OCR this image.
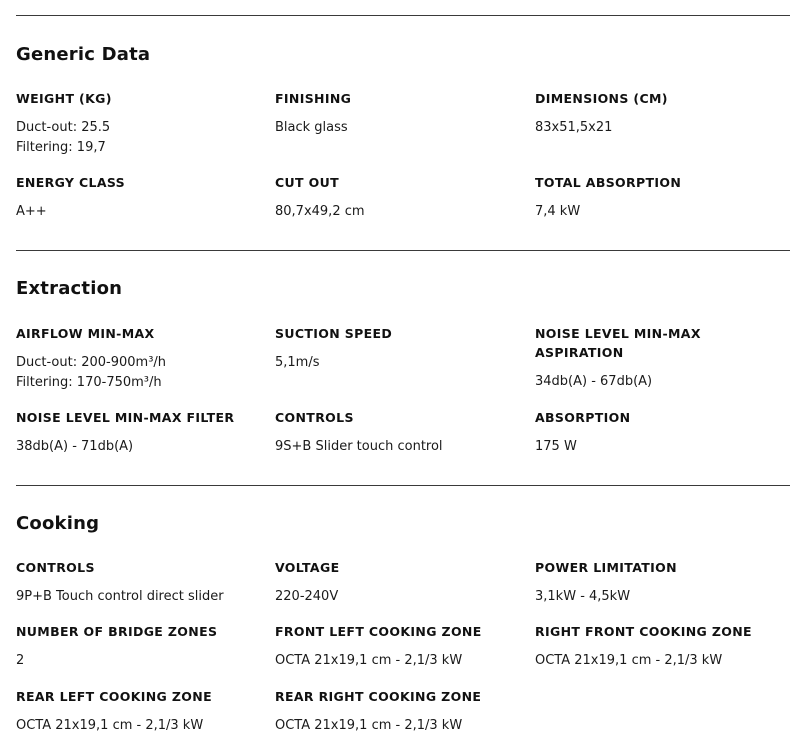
Generic Data
WEIGHT (KG)
Duct-out: 25.5
Filtering: 19,7
FINISHING
Black glass
DIMENSIONS (CM)
83x51,5x21
ENERGY CLASS
A++
CUT OUT
80,7x49,2 cm
TOTAL ABSORPTION
7,4 kW
Extraction
AIRFLOW MIN-MAX
Duct-out: 200-900m³/h
Filtering: 170-750m³/h
SUCTION SPEED
5,1m/s
NOISE LEVEL MIN-MAX
ASPIRATION
34db(A) - 67db(A)
NOISE LEVEL MIN-MAX FILTER
38db(A) - 71db(A)
CONTROLS
9S+B Slider touch control
ABSORPTION
175 W
Cooking
CONTROLS
9P+B Touch control direct slider
VOLTAGE
220-240V
POWER LIMITATION
3,1kW - 4,5kW
NUMBER OF BRIDGE ZONES
2
FRONT LEFT COOKING ZONE
OCTA 21x19,1 cm - 2,1/3 kW
RIGHT FRONT COOKING ZONE
OCTA 21x19,1 cm - 2,1/3 kW
REAR LEFT COOKING ZONE
OCTA 21x19,1 cm - 2,1/3 kW
REAR RIGHT COOKING ZONE
OCTA 21x19,1 cm - 2,1/3 kW
